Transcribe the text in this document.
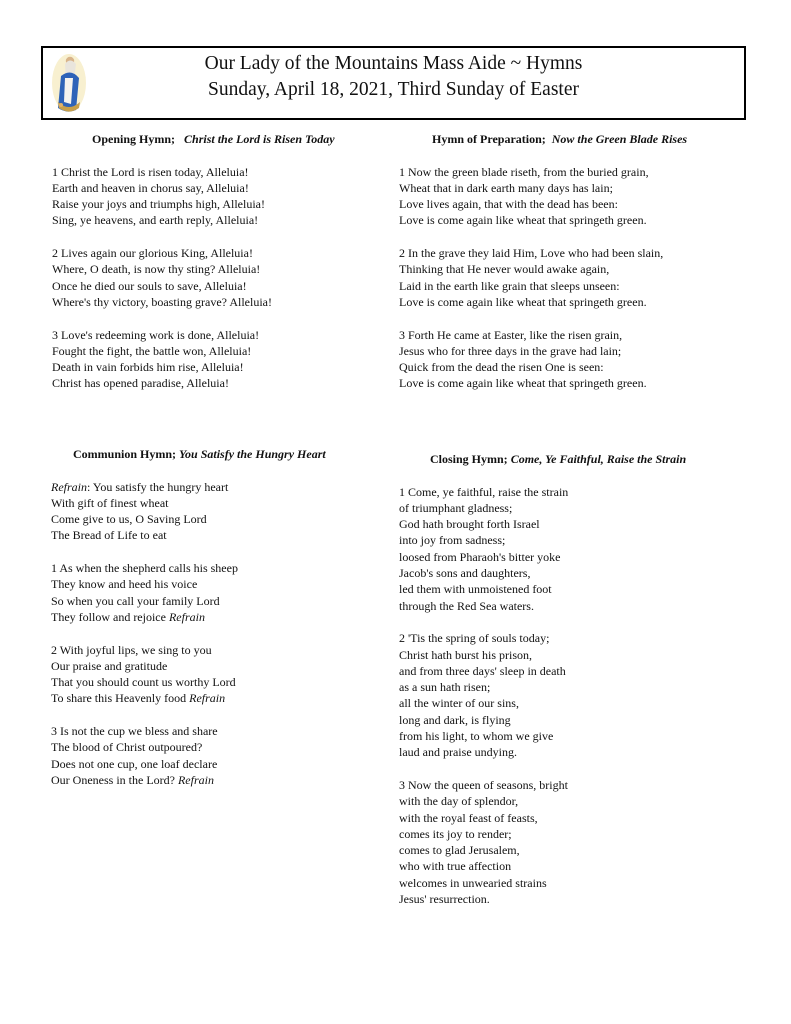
Our Lady of the Mountains Mass Aide ~ Hymns
Sunday, April 18, 2021, Third Sunday of Easter
Opening Hymn; Christ the Lord is Risen Today
1 Christ the Lord is risen today, Alleluia!
Earth and heaven in chorus say, Alleluia!
Raise your joys and triumphs high, Alleluia!
Sing, ye heavens, and earth reply, Alleluia!
2 Lives again our glorious King, Alleluia!
Where, O death, is now thy sting? Alleluia!
Once he died our souls to save, Alleluia!
Where's thy victory, boasting grave? Alleluia!
3 Love's redeeming work is done, Alleluia!
Fought the fight, the battle won, Alleluia!
Death in vain forbids him rise, Alleluia!
Christ has opened paradise, Alleluia!
Hymn of Preparation; Now the Green Blade Rises
1 Now the green blade riseth, from the buried grain,
Wheat that in dark earth many days has lain;
Love lives again, that with the dead has been:
Love is come again like wheat that springeth green.
2 In the grave they laid Him, Love who had been slain,
Thinking that He never would awake again,
Laid in the earth like grain that sleeps unseen:
Love is come again like wheat that springeth green.
3 Forth He came at Easter, like the risen grain,
Jesus who for three days in the grave had lain;
Quick from the dead the risen One is seen:
Love is come again like wheat that springeth green.
Communion Hymn; You Satisfy the Hungry Heart
Refrain: You satisfy the hungry heart
With gift of finest wheat
Come give to us, O Saving Lord
The Bread of Life to eat
1 As when the shepherd calls his sheep
They know and heed his voice
So when you call your family Lord
They follow and rejoice Refrain
2 With joyful lips, we sing to you
Our praise and gratitude
That you should count us worthy Lord
To share this Heavenly food Refrain
3 Is not the cup we bless and share
The blood of Christ outpoured?
Does not one cup, one loaf declare
Our Oneness in the Lord? Refrain
Closing Hymn; Come, Ye Faithful, Raise the Strain
1 Come, ye faithful, raise the strain
of triumphant gladness;
God hath brought forth Israel
into joy from sadness;
loosed from Pharaoh's bitter yoke
Jacob's sons and daughters,
led them with unmoistened foot
through the Red Sea waters.
2 'Tis the spring of souls today;
Christ hath burst his prison,
and from three days' sleep in death
as a sun hath risen;
all the winter of our sins,
long and dark, is flying
from his light, to whom we give
laud and praise undying.
3 Now the queen of seasons, bright
with the day of splendor,
with the royal feast of feasts,
comes its joy to render;
comes to glad Jerusalem,
who with true affection
welcomes in unwearied strains
Jesus' resurrection.
